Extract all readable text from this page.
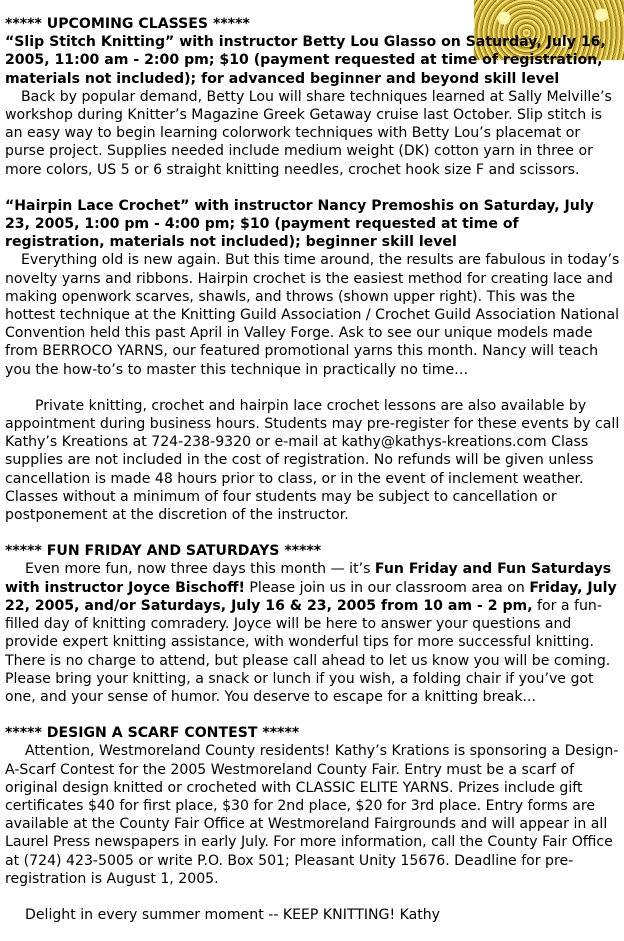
***** UPCOMING CLASSES *****
“Slip Stitch Knitting” with instructor Betty Lou Glasso on Saturday, July 16, 2005, 11:00 am - 2:00 pm; $10 (payment requested at time of registration, materials not included); for advanced beginner and beyond skill level
Back by popular demand, Betty Lou will share techniques learned at Sally Melville’s workshop during Knitter’s Magazine Greek Getaway cruise last October. Slip stitch is an easy way to begin learning colorwork techniques with Betty Lou’s placemat or purse project. Supplies needed include medium weight (DK) cotton yarn in three or more colors, US 5 or 6 straight knitting needles, crochet hook size F and scissors.

“Hairpin Lace Crochet” with instructor Nancy Premoshis on Saturday, July 23, 2005, 1:00 pm - 4:00 pm; $10 (payment requested at time of registration, materials not included); beginner skill level
Everything old is new again. But this time around, the results are fabulous in today’s novelty yarns and ribbons. Hairpin crochet is the easiest method for creating lace and making openwork scarves, shawls, and throws (shown upper right). This was the hottest technique at the Knitting Guild Association / Crochet Guild Association National Convention held this past April in Valley Forge. Ask to see our unique models made from BERROCO YARNS, our featured promotional yarns this month. Nancy will teach you the how-to’s to master this technique in practically no time…

Private knitting, crochet and hairpin lace crochet lessons are also available by appointment during business hours. Students may pre-register for these events by call Kathy’s Kreations at 724-238-9320 or e-mail at kathy@kathys-kreations.com Class supplies are not included in the cost of registration. No refunds will be given unless cancellation is made 48 hours prior to class, or in the event of inclement weather. Classes without a minimum of four students may be subject to cancellation or postponement at the discretion of the instructor.

***** FUN FRIDAY AND SATURDAYS *****
Even more fun, now three days this month — it’s Fun Friday and Fun Saturdays with instructor Joyce Bischoff! Please join us in our classroom area on Friday, July 22, 2005, and/or Saturdays, July 16 & 23, 2005 from 10 am - 2 pm, for a fun-filled day of knitting comradery. Joyce will be here to answer your questions and provide expert knitting assistance, with wonderful tips for more successful knitting. There is no charge to attend, but please call ahead to let us know you will be coming. Please bring your knitting, a snack or lunch if you wish, a folding chair if you’ve got one, and your sense of humor. You deserve to escape for a knitting break...

***** DESIGN A SCARF CONTEST *****
Attention, Westmoreland County residents! Kathy’s Krations is sponsoring a Design-A-Scarf Contest for the 2005 Westmoreland County Fair. Entry must be a scarf of original design knitted or crocheted with CLASSIC ELITE YARNS. Prizes include gift certificates $40 for first place, $30 for 2nd place, $20 for 3rd place. Entry forms are available at the County Fair Office at Westmoreland Fairgrounds and will appear in all Laurel Press newspapers in early July. For more information, call the County Fair Office at (724) 423-5005 or write P.O. Box 501; Pleasant Unity 15676. Deadline for pre-registration is August 1, 2005.

Delight in every summer moment -- KEEP KNITTING! Kathy
